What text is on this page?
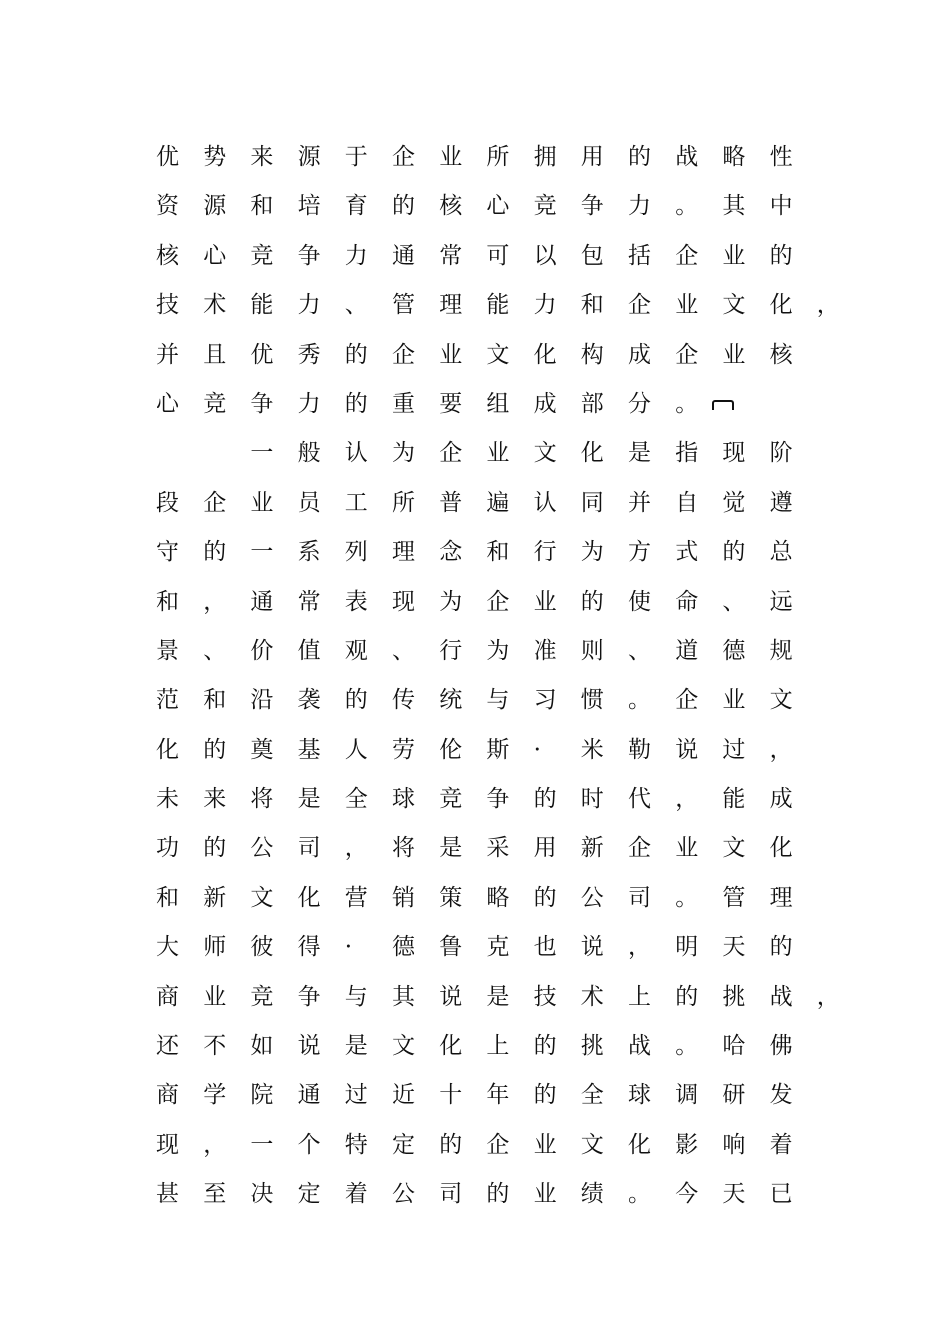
优	势	来	源	于	企	业	所	拥	用	的	战	略	性
资	源	和	培	育	的	核	心	竞	争	力	。	其	中
核	心	竞	争	力	通	常	可	以	包	括	企	业	的
技	术	能	力	、	管	理	能	力	和	企	业	文	化	，
并	且	优	秀	的	企	业	文	化	构	成	企	业	核
心	竞	争	力	的	重	要	组	成	部	分	。
一	般	认	为	企	业	文	化	是	指	现	阶
段	企	业	员	工	所	普	遍	认	同	并	自	觉	遵
守	的	一	系	列	理	念	和	行	为	方	式	的	总
和	，	通	常	表	现	为	企	业	的	使	命	、	远
景	、	价	值	观	、	行	为	准	则	、	道	德	规
范	和	沿	袭	的	传	统	与	习	惯	。	企	业	文
化	的	奠	基	人	劳	伦	斯	·	米	勒	说	过	，
未	来	将	是	全	球	竞	争	的	时	代	，	能	成
功	的	公	司	，	将	是	采	用	新	企	业	文	化
和	新	文	化	营	销	策	略	的	公	司	。	管	理
大	师	彼	得	·	德	鲁	克	也	说	，	明	天	的
商	业	竞	争	与	其	说	是	技	术	上	的	挑	战	，
还	不	如	说	是	文	化	上	的	挑	战	。	哈	佛
商	学	院	通	过	近	十	年	的	全	球	调	研	发
现	，	一	个	特	定	的	企	业	文	化	影	响	着
甚	至	决	定	着	公	司	的	业	绩	。	今	天	已
